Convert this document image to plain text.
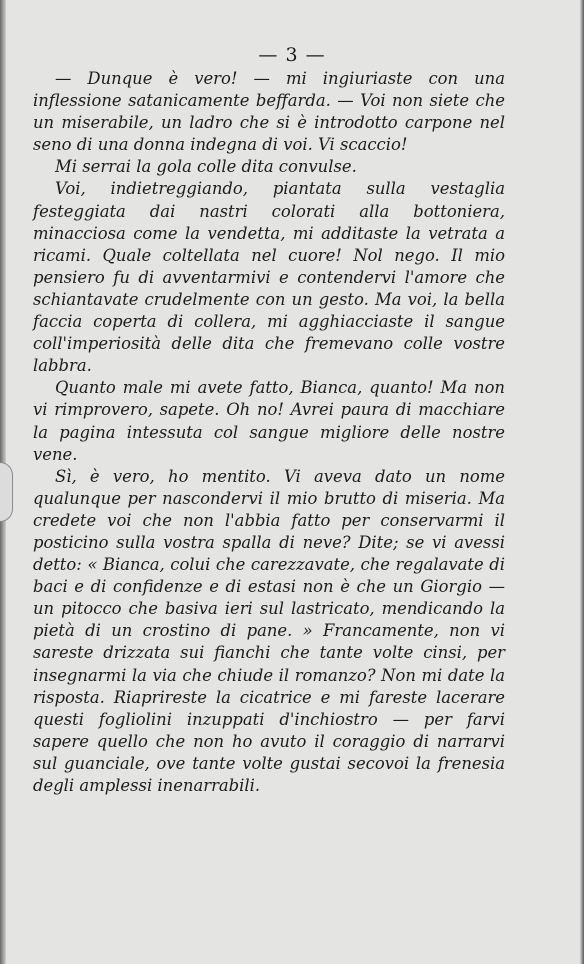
— 3 —

— Dunque è vero! — mi ingiuriaste con una inflessione satanicamente beffarda. — Voi non siete che un miserabile, un ladro che si è introdotto carpone nel seno di una donna indegna di voi. Vi scaccio!

Mi serrai la gola colle dita convulse.

Voi, indietreggiando, piantata sulla vestaglia festeggiata dai nastri colorati alla bottoniera, minacciosa come la vendetta, mi additaste la vetrata a ricami. Quale coltellata nel cuore! Nol nego. Il mio pensiero fu di avventarmivi e contendervi l'amore che schiantavate crudelmente con un gesto. Ma voi, la bella faccia coperta di collera, mi agghiacciaste il sangue coll'imperiosità delle dita che fremevano colle vostre labbra.

Quanto male mi avete fatto, Bianca, quanto! Ma non vi rimprovero, sapete. Oh no! Avrei paura di macchiare la pagina intessuta col sangue migliore delle nostre vene.

Sì, è vero, ho mentito. Vi aveva dato un nome qualunque per nascondervi il mio brutto di miseria. Ma credete voi che non l'abbia fatto per conservarmi il posticino sulla vostra spalla di neve? Dite; se vi avessi detto: « Bianca, colui che carezzavate, che regalavate di baci e di confidenze e di estasi non è che un Giorgio — un pitocco che basiva ieri sul lastricato, mendicando la pietà di un crostino di pane. » Francamente, non vi sareste drizzata sui fianchi che tante volte cinsi, per insegnarmi la via che chiude il romanzo? Non mi date la risposta. Riaprireste la cicatrice e mi fareste lacerare questi fogliolini inzuppati d'inchiostro — per farvi sapere quello che non ho avuto il coraggio di narrarvi sul guanciale, ove tante volte gustai secovoi la frenesia degli amplessi inenarrabili.
